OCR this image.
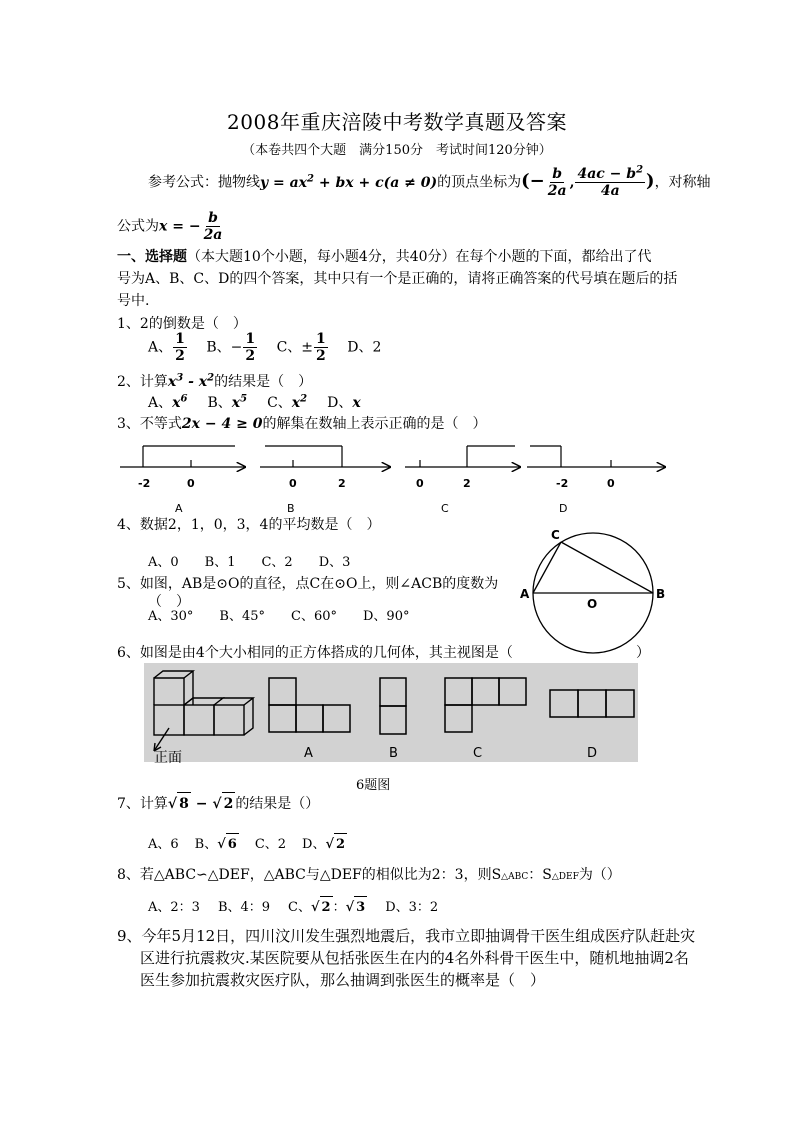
2008年重庆涪陵中考数学真题及答案
（本卷共四个大题　满分150分　考试时间120分钟）
参考公式：抛物线$y = ax^2$ + bx + c(a ≠ 0)的顶点坐标为(− $\frac{b}{2a}$ , $\frac{4ac - b^2}{4a}$ )，对称轴
公式为x = − $\frac{b}{2a}$
一、选择题（本大题10个小题，每小题4分，共40分）在每个小题的下面，都给出了代
号为A、B、C、D的四个答案，其中只有一个是正确的，请将正确答案的代号填在题后的括
号中.
1、2的倒数是（　）
A、 $\frac{1}{2}$ B、− $\frac{1}{2}$ C、± $\frac{1}{2}$ D、2
2、计算$x^3 - x^2$的结果是（　）
A、$x^6$ B、$x^5$ C、$x^2$ D、x
3、不等式2x − 4 ≥ 0的解集在数轴上表示正确的是（　）
-2	0
A
0	2
B
0	2
C
-2	0
D
4、数据2，1，0，3，4的平均数是（　）
A、0　　B、1　　C、2　　D、3
5、如图，AB是⊙O的直径，点C在⊙O上，则∠ACB的度数为
（　）
A、30°　　B、45°　　C、60°　　D、90°
C
A	B
O
6、如图是由4个大小相同的正方体搭成的几何体，其主视图是（	）
A	B	C	D
正面
6题图
7、计算√ 8 − √ 2 的结果是（）
A、6 B、√ 6 C、2 D、√ 2
8、若△ABC∽△DEF，△ABC与△DEF的相似比为2：3，则S△ABC：S△DEF为（）
A、2：3 B、4：9 C、√ 2 ：√ 3 D、3：2
9、今年5月12日，四川汶川发生强烈地震后，我市立即抽调骨干医生组成医疗队赶赴灾
区进行抗震救灾.某医院要从包括张医生在内的4名外科骨干医生中，随机地抽调2名
医生参加抗震救灾医疗队，那么抽调到张医生的概率是（　）
